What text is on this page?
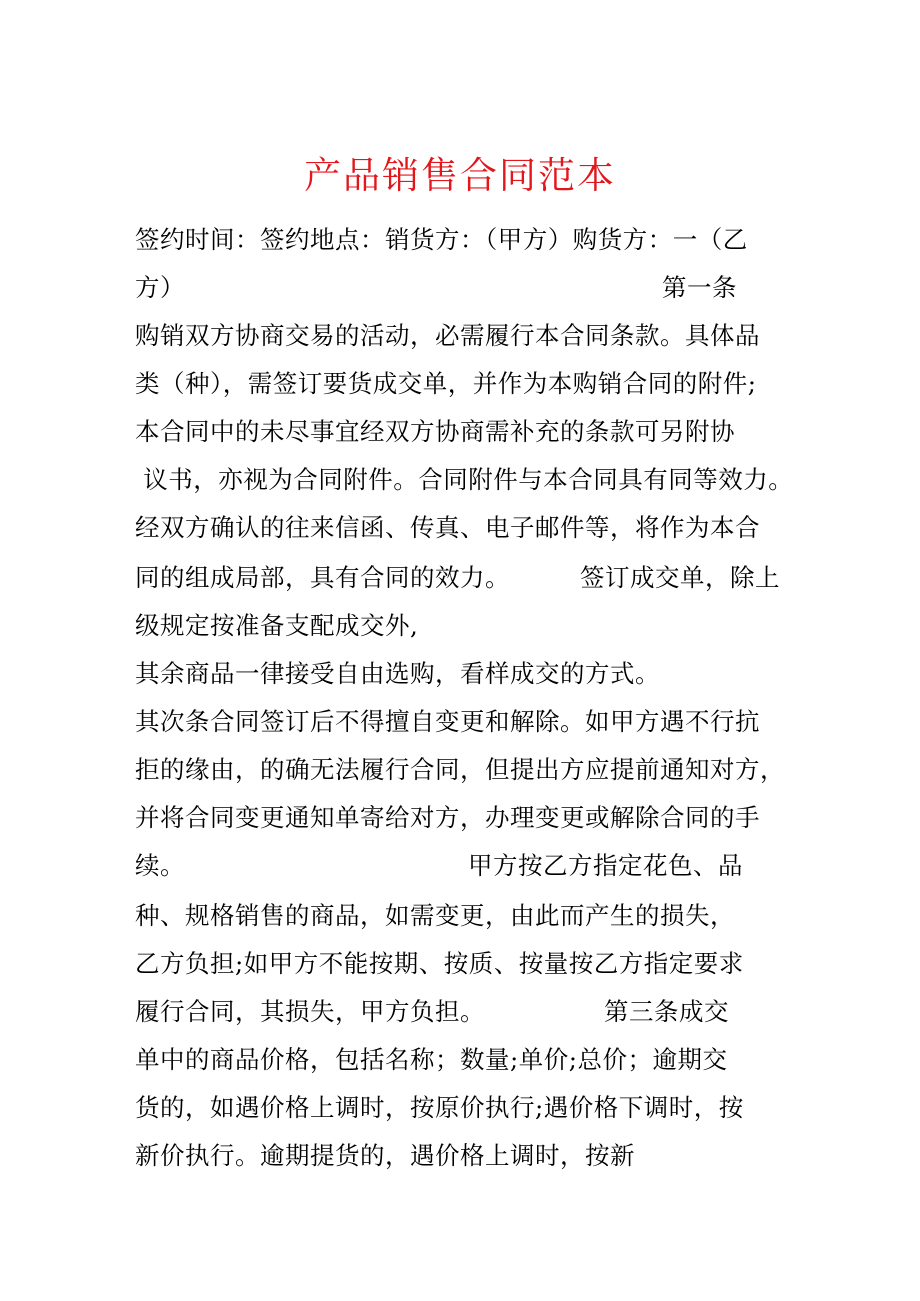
产品销售合同范本
签约时间：签约地点：销货方：（甲方）购货方：一（乙
方）	第一条
购销双方协商交易的活动，必需履行本合同条款。具体品
类（种），需签订要货成交单，并作为本购销合同的附件;
本合同中的未尽事宜经双方协商需补充的条款可另附协
议书，亦视为合同附件。合同附件与本合同具有同等效力。
经双方确认的往来信函、传真、电子邮件等，将作为本合
同的组成局部，具有合同的效力。	签订成交单，除上
级规定按准备支配成交外,
其余商品一律接受自由选购，看样成交的方式。
其次条合同签订后不得擅自变更和解除。如甲方遇不行抗
拒的缘由，的确无法履行合同，但提出方应提前通知对方，
并将合同变更通知单寄给对方，办理变更或解除合同的手
续。	甲方按乙方指定花色、品
种、规格销售的商品，如需变更，由此而产生的损失，
乙方负担;如甲方不能按期、按质、按量按乙方指定要求
履行合同，其损失，甲方负担。	第三条成交
单中的商品价格，包括名称；数量;单价;总价；逾期交
货的，如遇价格上调时，按原价执行;遇价格下调时，按
新价执行。逾期提货的，遇价格上调时，按新
